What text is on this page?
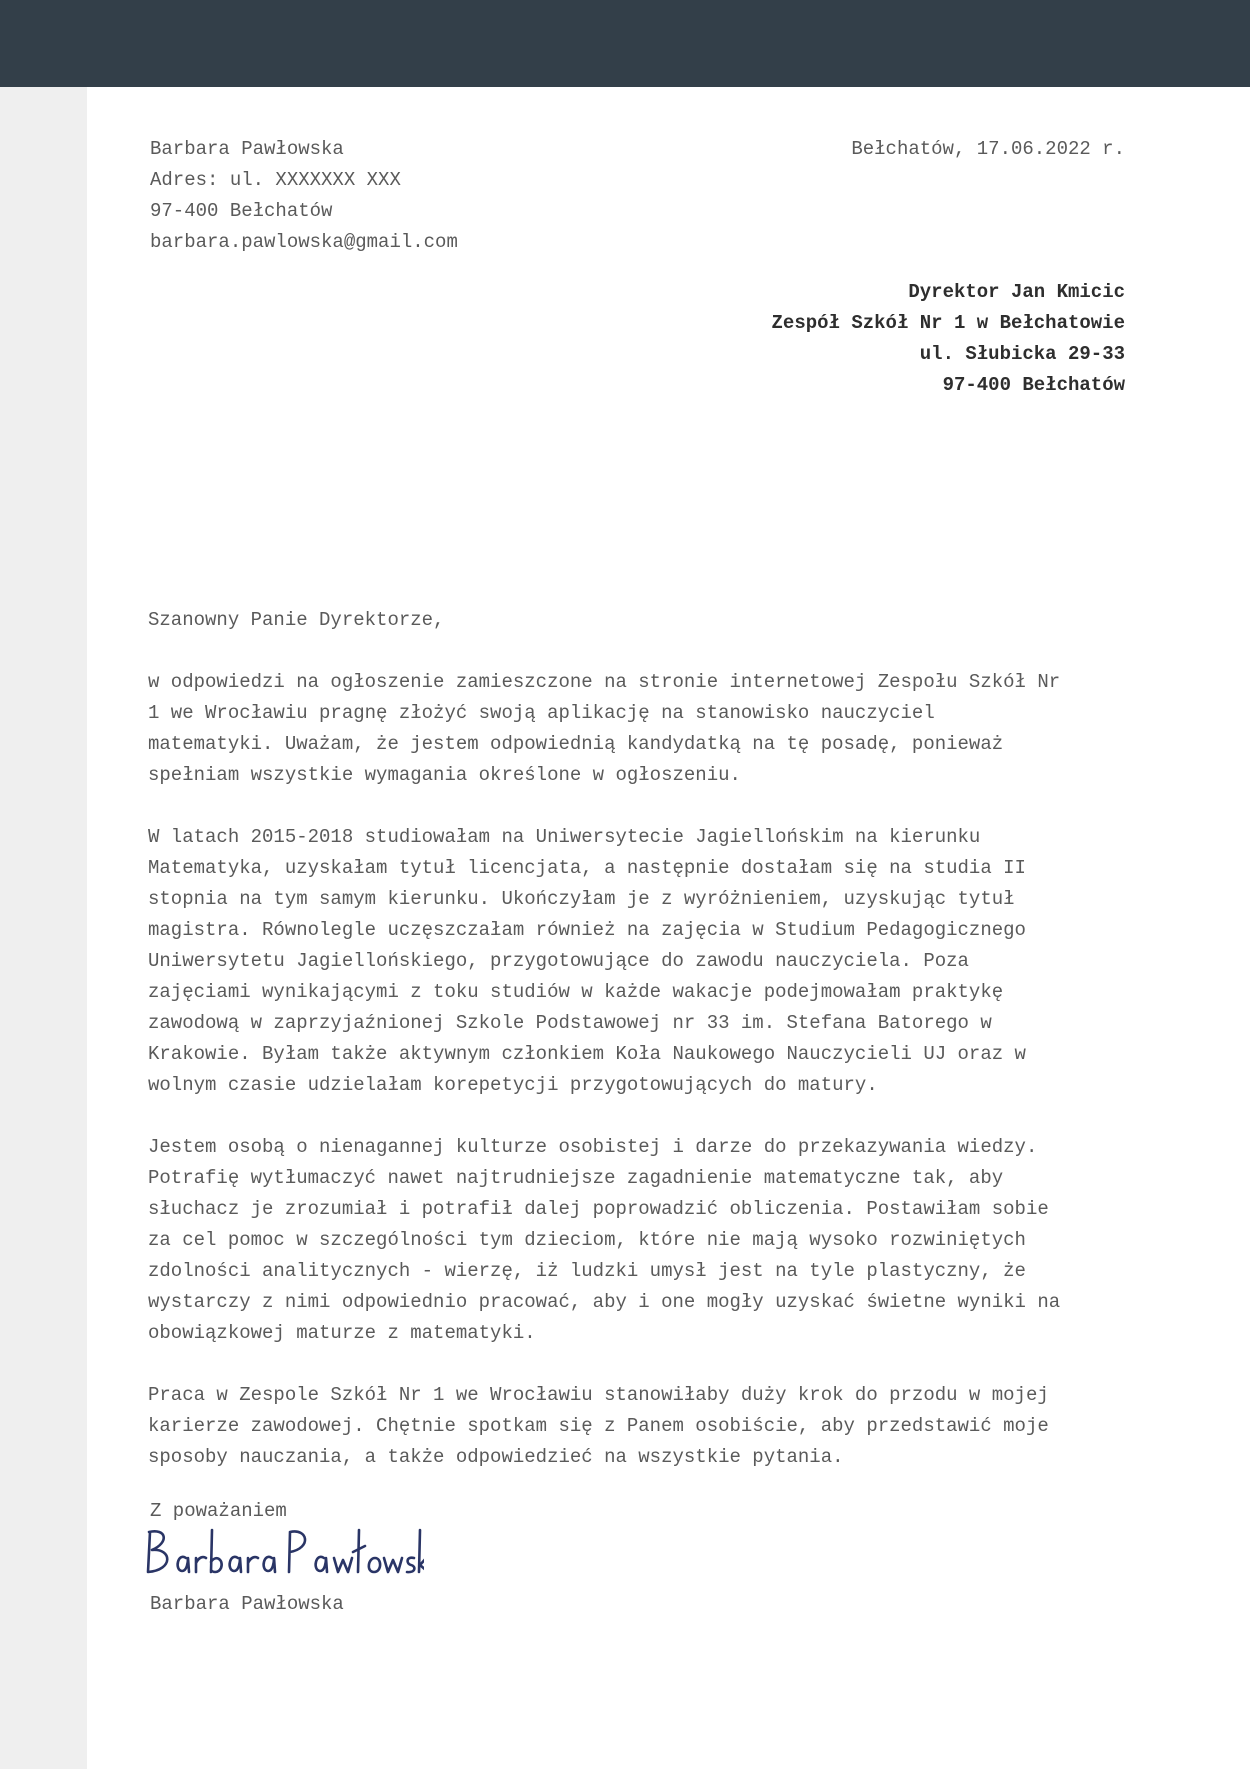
Barbara Pawłowska
Adres: ul. XXXXXXX XXX
97-400 Bełchatów
barbara.pawlowska@gmail.com
Bełchatów, 17.06.2022 r.
Dyrektor Jan Kmicic
Zespół Szkół Nr 1 w Bełchatowie
ul. Słubicka 29-33
97-400 Bełchatów
Szanowny Panie Dyrektorze,

w odpowiedzi na ogłoszenie zamieszczone na stronie internetowej Zespołu Szkół Nr
1 we Wrocławiu pragnę złożyć swoją aplikację na stanowisko nauczyciel
matematyki. Uważam, że jestem odpowiednią kandydatką na tę posadę, ponieważ
spełniam wszystkie wymagania określone w ogłoszeniu.

W latach 2015-2018 studiowałam na Uniwersytecie Jagiellońskim na kierunku
Matematyka, uzyskałam tytuł licencjata, a następnie dostałam się na studia II
stopnia na tym samym kierunku. Ukończyłam je z wyróżnieniem, uzyskując tytuł
magistra. Równolegle uczęszczałam również na zajęcia w Studium Pedagogicznego
Uniwersytetu Jagiellońskiego, przygotowujące do zawodu nauczyciela. Poza
zajęciami wynikającymi z toku studiów w każde wakacje podejmowałam praktykę
zawodową w zaprzyjaźnionej Szkole Podstawowej nr 33 im. Stefana Batorego w
Krakowie. Byłam także aktywnym członkiem Koła Naukowego Nauczycieli UJ oraz w
wolnym czasie udzielałam korepetycji przygotowujących do matury.

Jestem osobą o nienagannej kulturze osobistej i darze do przekazywania wiedzy.
Potrafię wytłumaczyć nawet najtrudniejsze zagadnienie matematyczne tak, aby
słuchacz je zrozumiał i potrafił dalej poprowadzić obliczenia. Postawiłam sobie
za cel pomoc w szczególności tym dzieciom, które nie mają wysoko rozwiniętych
zdolności analitycznych - wierzę, iż ludzki umysł jest na tyle plastyczny, że
wystarczy z nimi odpowiednio pracować, aby i one mogły uzyskać świetne wyniki na
obowiązkowej maturze z matematyki.

Praca w Zespole Szkół Nr 1 we Wrocławiu stanowiłaby duży krok do przodu w mojej
karierze zawodowej. Chętnie spotkam się z Panem osobiście, aby przedstawić moje
sposoby nauczania, a także odpowiedzieć na wszystkie pytania.

Z poważaniem
Barbara Pawłowska
